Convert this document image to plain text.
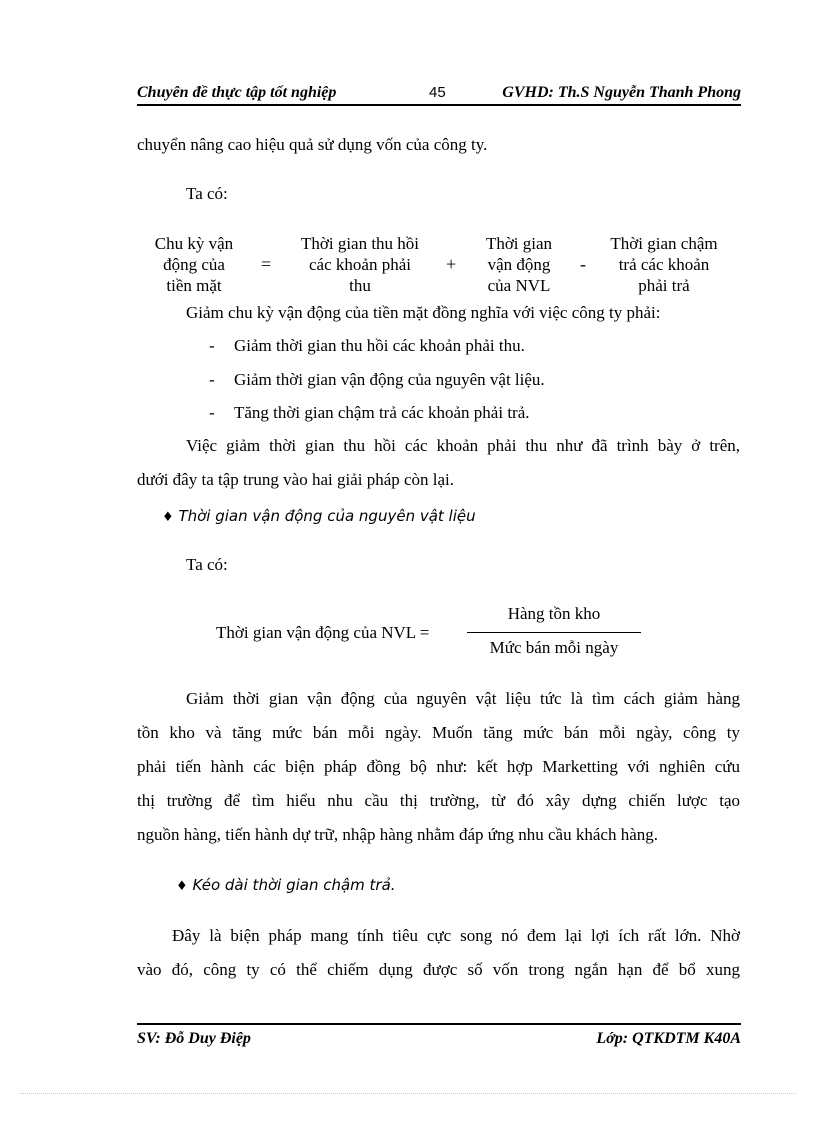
Chuyên đề thực tập tốt nghiệp	45	GVHD: Th.S Nguyễn Thanh Phong
chuyển nâng cao hiệu quả sử dụng vốn của công ty.
Ta có:
Chu kỳ vận
động của
tiền mặt
=
Thời gian thu hồi
các khoản phải
thu
+
Thời gian
vận động
của NVL
-
Thời gian chậm
trả các khoản
phải trả
Giảm chu kỳ vận động của tiền mặt đồng nghĩa với việc công ty phải:
- Giảm thời gian thu hồi các khoản phải thu.
- Giảm thời gian vận động của nguyên vật liệu.
- Tăng thời gian chậm trả các khoản phải trả.
Việc giảm thời gian thu hồi các khoản phải thu như đã trình bày ở trên,
dưới đây ta tập trung vào hai giải pháp còn lại.
♦ Thời gian vận động của nguyên vật liệu
Ta có:
Thời gian vận động của NVL =
Hàng tồn kho
Mức bán mỗi ngày
Giảm thời gian vận động của nguyên vật liệu tức là tìm cách giảm hàng
tồn kho và tăng mức bán mỗi ngày. Muốn tăng mức bán mỗi ngày, công ty
phải tiến hành các biện pháp đồng bộ như: kết hợp Marketting với nghiên cứu
thị trường để tìm hiểu nhu cầu thị trường, từ đó xây dựng chiến lược tạo
nguồn hàng, tiến hành dự trữ, nhập hàng nhằm đáp ứng nhu cầu khách hàng.
♦ Kéo dài thời gian chậm trả.
Đây là biện pháp mang tính tiêu cực song nó đem lại lợi ích rất lớn. Nhờ
vào đó, công ty có thể chiếm dụng được số vốn trong ngắn hạn để bổ xung
SV: Đỗ Duy Điệp	Lớp: QTKDTM K40A
